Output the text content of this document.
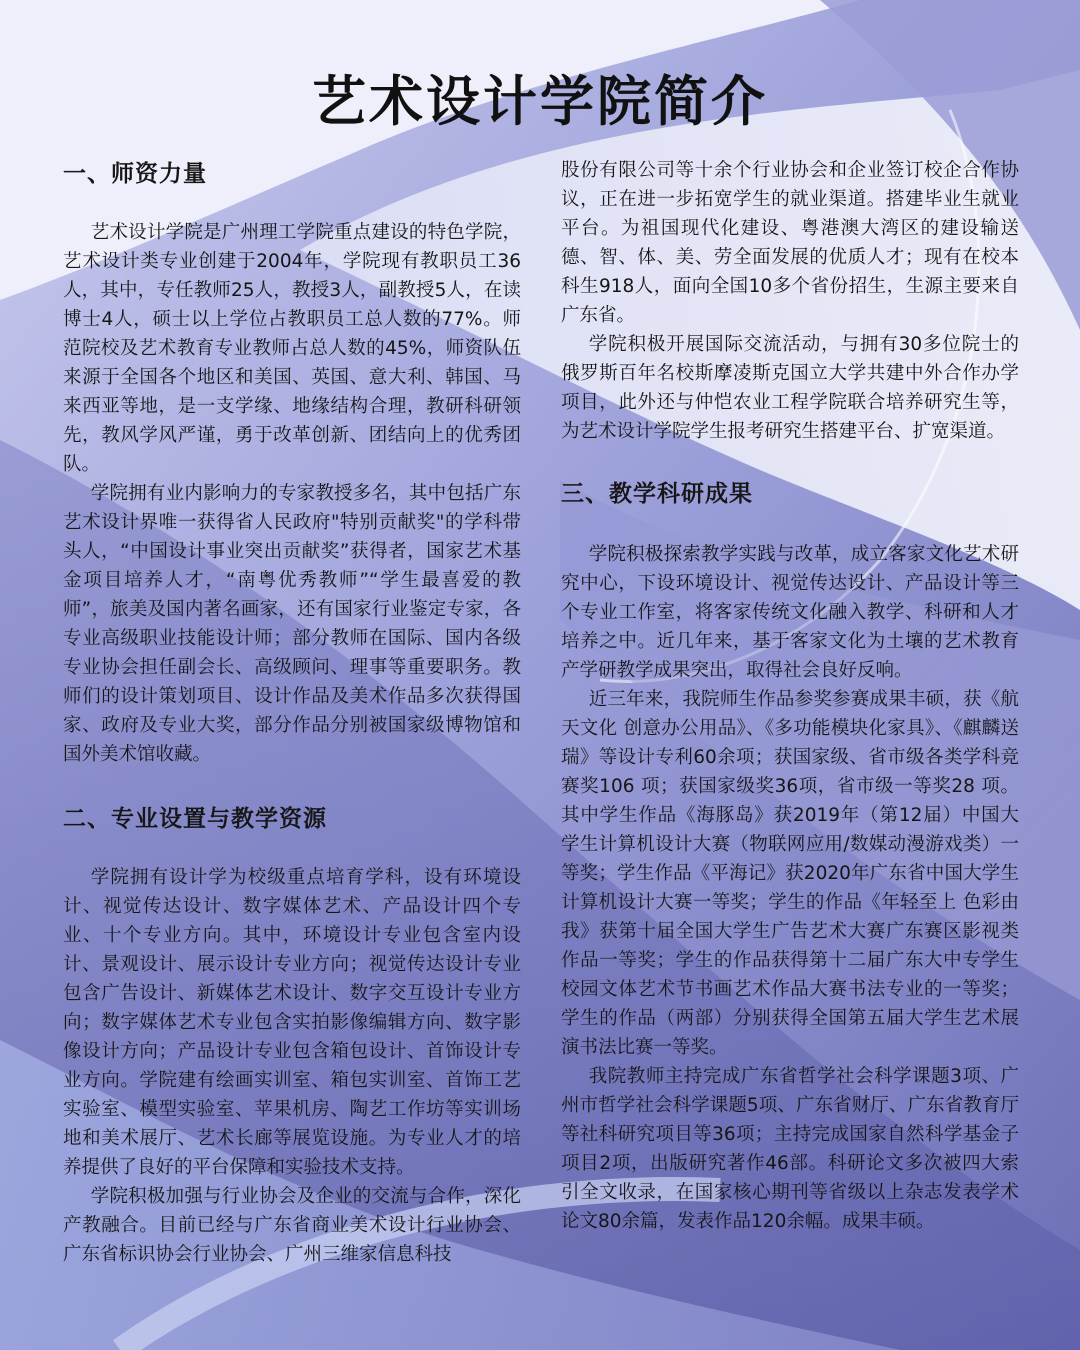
艺术设计学院简介
一、师资力量

艺术设计学院是广州理工学院重点建设的特色学院，艺术设计类专业创建于2004年，学院现有教职员工36人，其中，专任教师25人，教授3人，副教授5人，在读博士4人，硕士以上学位占教职员工总人数的77%。师范院校及艺术教育专业教师占总人数的45%，师资队伍来源于全国各个地区和美国、英国、意大利、韩国、马来西亚等地，是一支学缘、地缘结构合理，教研科研领先，教风学风严谨，勇于改革创新、团结向上的优秀团队。

学院拥有业内影响力的专家教授多名，其中包括广东艺术设计界唯一获得省人民政府"特别贡献奖"的学科带头人，“中国设计事业突出贡献奖”获得者，国家艺术基金项目培养人才，“南粤优秀教师”“学生最喜爱的教师”，旅美及国内著名画家，还有国家行业鉴定专家，各专业高级职业技能设计师；部分教师在国际、国内各级专业协会担任副会长、高级顾问、理事等重要职务。教师们的设计策划项目、设计作品及美术作品多次获得国家、政府及专业大奖，部分作品分别被国家级博物馆和国外美术馆收藏。

二、专业设置与教学资源

学院拥有设计学为校级重点培育学科，设有环境设计、视觉传达设计、数字媒体艺术、产品设计四个专业、十个专业方向。其中，环境设计专业包含室内设计、景观设计、展示设计专业方向；视觉传达设计专业包含广告设计、新媒体艺术设计、数字交互设计专业方向；数字媒体艺术专业包含实拍影像编辑方向、数字影像设计方向；产品设计专业包含箱包设计、首饰设计专业方向。学院建有绘画实训室、箱包实训室、首饰工艺实验室、模型实验室、苹果机房、陶艺工作坊等实训场地和美术展厅、艺术长廊等展览设施。为专业人才的培养提供了良好的平台保障和实验技术支持。

学院积极加强与行业协会及企业的交流与合作，深化产教融合。目前已经与广东省商业美术设计行业协会、广东省标识协会行业协会、广州三维家信息科技

股份有限公司等十余个行业协会和企业签订校企合作协议，正在进一步拓宽学生的就业渠道。搭建毕业生就业平台。为祖国现代化建设、粤港澳大湾区的建设输送德、智、体、美、劳全面发展的优质人才；现有在校本科生918人，面向全国10多个省份招生，生源主要来自广东省。

学院积极开展国际交流活动，与拥有30多位院士的俄罗斯百年名校斯摩凌斯克国立大学共建中外合作办学项目，此外还与仲恺农业工程学院联合培养研究生等，为艺术设计学院学生报考研究生搭建平台、扩宽渠道。

三、教学科研成果

学院积极探索教学实践与改革，成立客家文化艺术研究中心，下设环境设计、视觉传达设计、产品设计等三个专业工作室，将客家传统文化融入教学、科研和人才培养之中。近几年来，基于客家文化为土壤的艺术教育产学研教学成果突出，取得社会良好反响。

近三年来，我院师生作品参奖参赛成果丰硕，获《航天文化 创意办公用品》、《多功能模块化家具》、《麒麟送瑞》等设计专利60余项；获国家级、省市级各类学科竞赛奖106 项；获国家级奖36项，省市级一等奖28 项。其中学生作品《海豚岛》获2019年（第12届）中国大学生计算机设计大赛（物联网应用/数媒动漫游戏类）一等奖；学生作品《平海记》获2020年广东省中国大学生计算机设计大赛一等奖；学生的作品《年轻至上 色彩由我》获第十届全国大学生广告艺术大赛广东赛区影视类作品一等奖；学生的作品获得第十二届广东大中专学生校园文体艺术节书画艺术作品大赛书法专业的一等奖；学生的作品（两部）分别获得全国第五届大学生艺术展演书法比赛一等奖。

我院教师主持完成广东省哲学社会科学课题3项、广州市哲学社会科学课题5项、广东省财厅、广东省教育厅等社科研究项目等36项；主持完成国家自然科学基金子项目2项，出版研究著作46部。科研论文多次被四大索引全文收录，在国家核心期刊等省级以上杂志发表学术论文80余篇，发表作品120余幅。成果丰硕。
